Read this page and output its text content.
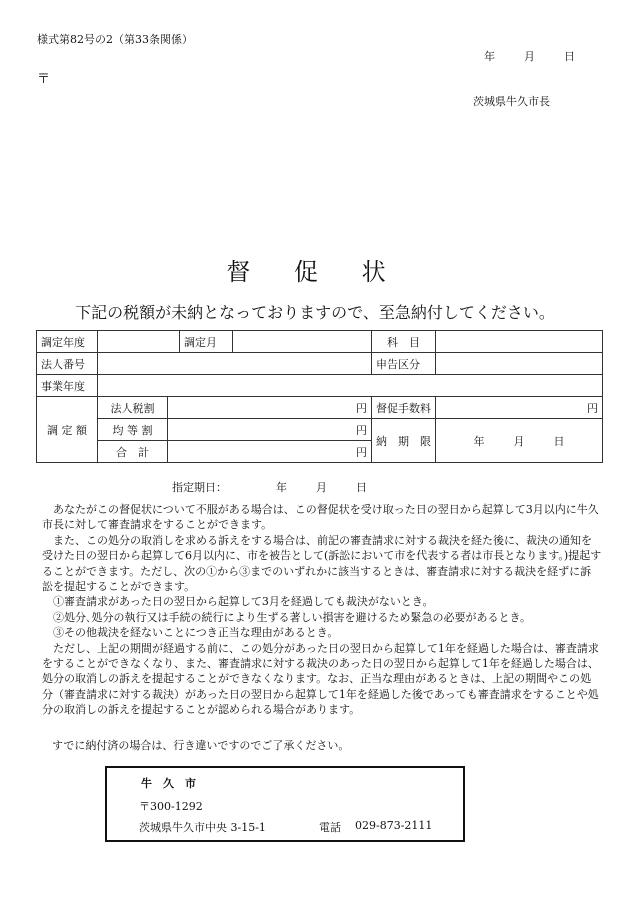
様式第82号の2（第33条関係）
年	月	日
〒
茨城県牛久市長
督 促 状
下記の税額が未納となっておりますので、至急納付してください。
調定年度			調定月		科　目	
法人番号					申告区分	
事業年度						
調 定 額	法人税割	円			督促手数料	円
	均 等 割	円			納　期　限	年 月 日
	合　計	円				
指定期日：	年	月	日

　あなたがこの督促状について不服がある場合は、この督促状を受け取った日の翌日から起算して3月以内に牛久市長に対して審査請求をすることができます。

　また、この処分の取消しを求める訴えをする場合は、前記の審査請求に対する裁決を経た後に、裁決の通知を受けた日の翌日から起算して6月以内に、市を被告として(訴訟において市を代表する者は市長となります。)提起することができます。ただし、次の①から③までのいずれかに該当するときは、審査請求に対する裁決を経ずに訴訟を提起することができます。

　①審査請求があった日の翌日から起算して3月を経過しても裁決がないとき。

　②処分､処分の執行又は手続の続行により生ずる著しい損害を避けるため緊急の必要があるとき。

　③その他裁決を経ないことにつき正当な理由があるとき。

　ただし、上記の期間が経過する前に、この処分があった日の翌日から起算して1年を経過した場合は、審査請求をすることができなくなり、また、審査請求に対する裁決のあった日の翌日から起算して1年を経過した場合は、処分の取消しの訴えを提起することができなくなります。なお、正当な理由があるときは、上記の期間やこの処分（審査請求に対する裁決）があった日の翌日から起算して1年を経過した後であっても審査請求をすることや処分の取消しの訴えを提起することが認められる場合があります。

すでに納付済の場合は、行き違いですのでご了承ください。
牛　久　市
〒300-1292
茨城県牛久市中央 3-15-1	電話 029-873-2111
